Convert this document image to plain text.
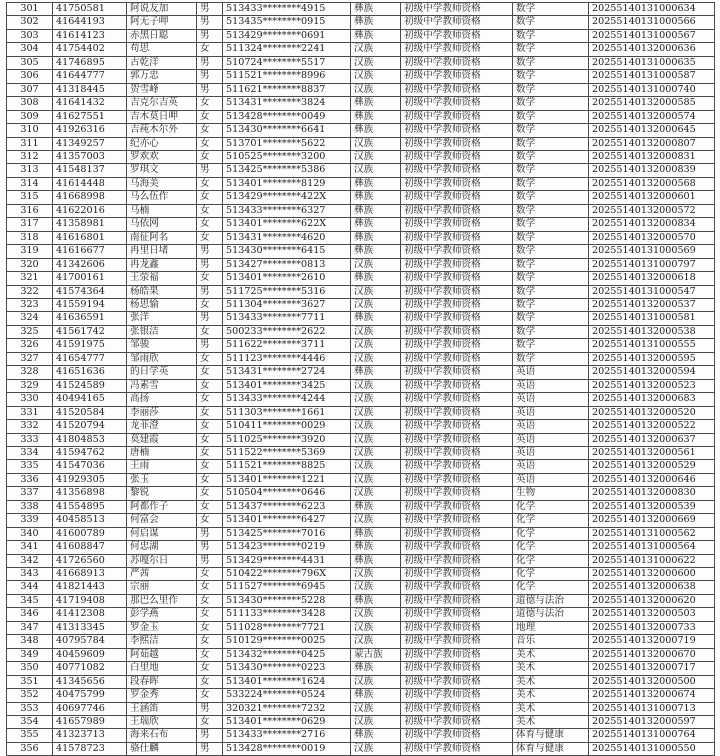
301	41750581	阿说友加	男	513433********4915	彝族	初级中学教师资格	数学	20255140131000634
302	41644193	阿无子呷	男	513435********0915	彝族	初级中学教师资格	数学	20255140131000566
303	41614123	赤黑日聪	男	513429********0691	彝族	初级中学教师资格	数学	20255140131000567
304	41754402	苟思	女	511324********2241	汉族	初级中学教师资格	数学	20255140132000636
305	41746895	古乾洋	男	510724********5517	汉族	初级中学教师资格	数学	20255140131000635
306	41644777	郭万忠	男	511521********8996	汉族	初级中学教师资格	数学	20255140131000587
307	41318445	贺雪峰	男	511621********8837	汉族	初级中学教师资格	数学	20255140131000740
308	41641432	吉克尔吉英	女	513431********3824	彝族	初级中学教师资格	数学	20255140132000585
309	41627551	吉木莫日呷	女	513428********0049	彝族	初级中学教师资格	数学	20255140132000574
310	41926316	吉莼木尔外	女	513430********6641	彝族	初级中学教师资格	数学	20255140132000645
311	41349257	纪亦心	女	513701********5622	汉族	初级中学教师资格	数学	20255140132000807
312	41357003	罗欢欢	女	510525********3200	汉族	初级中学教师资格	数学	20255140132000831
313	41548137	罗琪文	男	513425********5386	汉族	初级中学教师资格	数学	20255140132000839
314	41614448	马海美	女	513401********8129	彝族	初级中学教师资格	数学	20255140132000568
315	41668998	马么伍作	女	513429********422X	彝族	初级中学教师资格	数学	20255140132000601
316	41622016	马楠	女	513433********6327	彝族	初级中学教师资格	数学	20255140132000572
317	41358981	马依网	女	513401********622X	彝族	初级中学教师资格	数学	20255140132000834
318	41616801	南征阿名	女	513431********4620	彝族	初级中学教师资格	数学	20255140132000570
319	41616677	冉里日堵	男	513430********6415	彝族	初级中学教师资格	数学	20255140131000569
320	41342606	冉龙鑫	男	513427********0813	汉族	初级中学教师资格	数学	20255140131000797
321	41700161	王荥福	女	513401********2610	彝族	初级中学教师资格	数学	20255140132000618
322	41574364	杨皓果	男	511725********5316	汉族	初级中学教师资格	数学	20255140131000547
323	41559194	杨思愉	女	511304********3627	汉族	初级中学教师资格	数学	20255140132000537
324	41636591	张洋	男	513433********7711	彝族	初级中学教师资格	数学	20255140131000581
325	41561742	张银洁	女	500233********2622	汉族	初级中学教师资格	数学	20255140132000538
326	41591975	邹骏	男	511622********3711	汉族	初级中学教师资格	数学	20255140131000555
327	41654777	邹雨欣	女	511123********4446	汉族	初级中学教师资格	数学	20255140132000595
328	41651636	的日学英	女	513431********2724	彝族	初级中学教师资格	英语	20255140132000594
329	41524589	冯素雪	女	513401********3425	汉族	初级中学教师资格	英语	20255140132000523
330	40494165	高扬	女	513433********4244	汉族	初级中学教师资格	英语	20255140132000683
331	41520584	李丽莎	女	511303********1661	汉族	初级中学教师资格	英语	20255140132000520
332	41520794	龙菲澄	女	510411********0029	汉族	初级中学教师资格	英语	20255140132000522
333	41804853	莫建霞	女	511025********3920	汉族	初级中学教师资格	英语	20255140132000637
334	41594762	唐楠	女	511522********5369	汉族	初级中学教师资格	英语	20255140132000561
335	41547036	王雨	女	511521********8825	汉族	初级中学教师资格	英语	20255140132000529
336	41929305	张玉	女	513401********1221	汉族	初级中学教师资格	英语	20255140132000646
337	41356898	黎锐	女	510504********0646	汉族	初级中学教师资格	生物	20255140132000830
338	41554895	阿都作子	女	513437********6223	彝族	初级中学教师资格	化学	20255140132000539
339	40458513	何富会	女	513401********6427	汉族	初级中学教师资格	化学	20255140132000669
340	41600789	何启谋	男	513425********7016	彝族	初级中学教师资格	化学	20255140131000562
341	41608847	何忠湖	男	513423********0219	彝族	初级中学教师资格	化学	20255140131000564
342	41726560	苏嘎尔日	男	513429********4431	彝族	初级中学教师资格	化学	20255140131000622
343	41668913	严茜	女	510422********796X	汉族	初级中学教师资格	化学	20255140132000600
344	41821443	宗丽	女	511527********6945	汉族	初级中学教师资格	化学	20255140132000638
345	41719408	那巴么里作	女	513430********5228	彝族	初级中学教师资格	道德与法治	20255140132000620
346	41412308	彭学燕	女	511133********3428	汉族	初级中学教师资格	道德与法治	20255140132000503
347	41313345	罗金玉	女	511028********7721	汉族	初级中学教师资格	地理	20255140132000733
348	40795784	李熙洁	女	510129********0025	汉族	初级中学教师资格	音乐	20255140132000719
349	40459609	阿茹越	女	513432********0425	蒙古族	初级中学教师资格	美术	20255140132000670
350	40771082	白里地	女	513430********0223	彝族	初级中学教师资格	美术	20255140132000717
351	41345656	段春晖	女	513401********1624	汉族	初级中学教师资格	美术	20255140132000500
352	40475799	罗金秀	女	533224********0524	彝族	初级中学教师资格	美术	20255140132000674
353	40697746	王涵笛	男	320321********7232	汉族	初级中学教师资格	美术	20255140131000713
354	41657989	王瑞欣	女	513401********0629	汉族	初级中学教师资格	美术	20255140132000597
355	41323713	海来石布	男	513433********2716	彝族	初级中学教师资格	体育与健康	20255140131000764
356	41578723	骆仕麟	男	513428********0019	汉族	初级中学教师资格	体育与健康	20255140131000550
